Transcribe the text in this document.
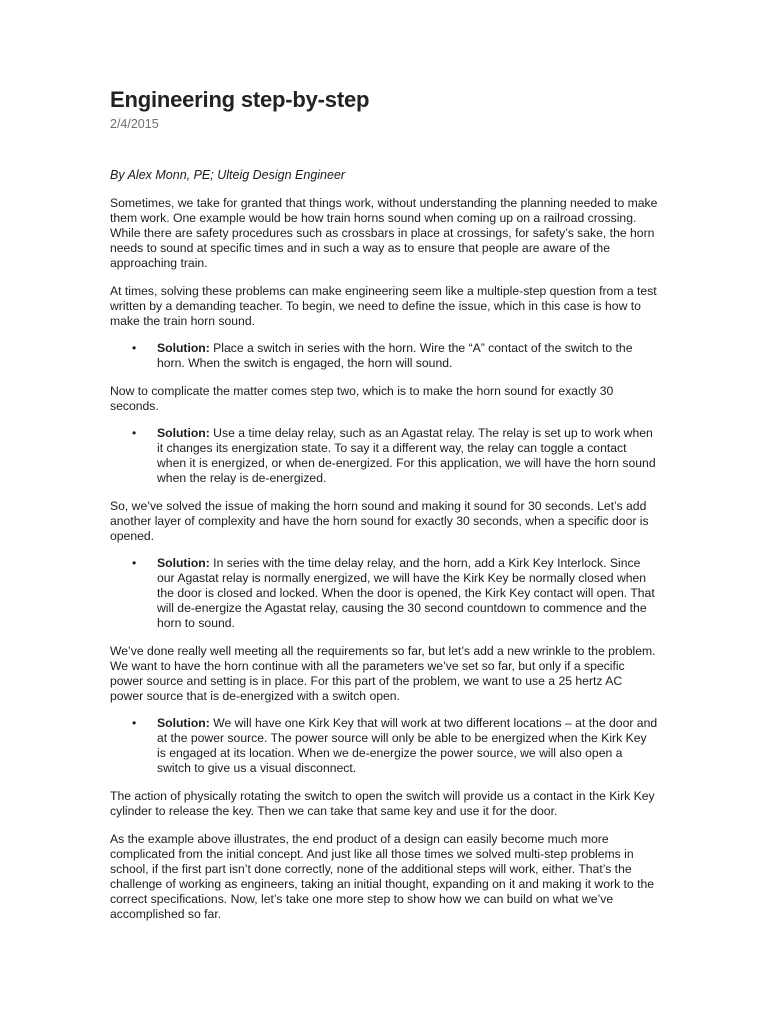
Engineering step-by-step
2/4/2015
By Alex Monn, PE; Ulteig Design Engineer

Sometimes, we take for granted that things work, without understanding the planning needed to make them work. One example would be how train horns sound when coming up on a railroad crossing. While there are safety procedures such as crossbars in place at crossings, for safety’s sake, the horn needs to sound at specific times and in such a way as to ensure that people are aware of the approaching train.

At times, solving these problems can make engineering seem like a multiple-step question from a test written by a demanding teacher. To begin, we need to define the issue, which in this case is how to make the train horn sound.

• Solution: Place a switch in series with the horn. Wire the “A” contact of the switch to the horn. When the switch is engaged, the horn will sound.

Now to complicate the matter comes step two, which is to make the horn sound for exactly 30 seconds.

• Solution: Use a time delay relay, such as an Agastat relay. The relay is set up to work when it changes its energization state. To say it a different way, the relay can toggle a contact when it is energized, or when de-energized. For this application, we will have the horn sound when the relay is de-energized.

So, we’ve solved the issue of making the horn sound and making it sound for 30 seconds. Let’s add another layer of complexity and have the horn sound for exactly 30 seconds, when a specific door is opened.

• Solution: In series with the time delay relay, and the horn, add a Kirk Key Interlock. Since our Agastat relay is normally energized, we will have the Kirk Key be normally closed when the door is closed and locked. When the door is opened, the Kirk Key contact will open. That will de-energize the Agastat relay, causing the 30 second countdown to commence and the horn to sound.

We’ve done really well meeting all the requirements so far, but let’s add a new wrinkle to the problem. We want to have the horn continue with all the parameters we’ve set so far, but only if a specific power source and setting is in place. For this part of the problem, we want to use a 25 hertz AC power source that is de-energized with a switch open.

• Solution: We will have one Kirk Key that will work at two different locations – at the door and at the power source. The power source will only be able to be energized when the Kirk Key is engaged at its location. When we de-energize the power source, we will also open a switch to give us a visual disconnect.

The action of physically rotating the switch to open the switch will provide us a contact in the Kirk Key cylinder to release the key. Then we can take that same key and use it for the door.

As the example above illustrates, the end product of a design can easily become much more complicated from the initial concept. And just like all those times we solved multi-step problems in school, if the first part isn’t done correctly, none of the additional steps will work, either. That’s the challenge of working as engineers, taking an initial thought, expanding on it and making it work to the correct specifications. Now, let’s take one more step to show how we can build on what we’ve accomplished so far.
